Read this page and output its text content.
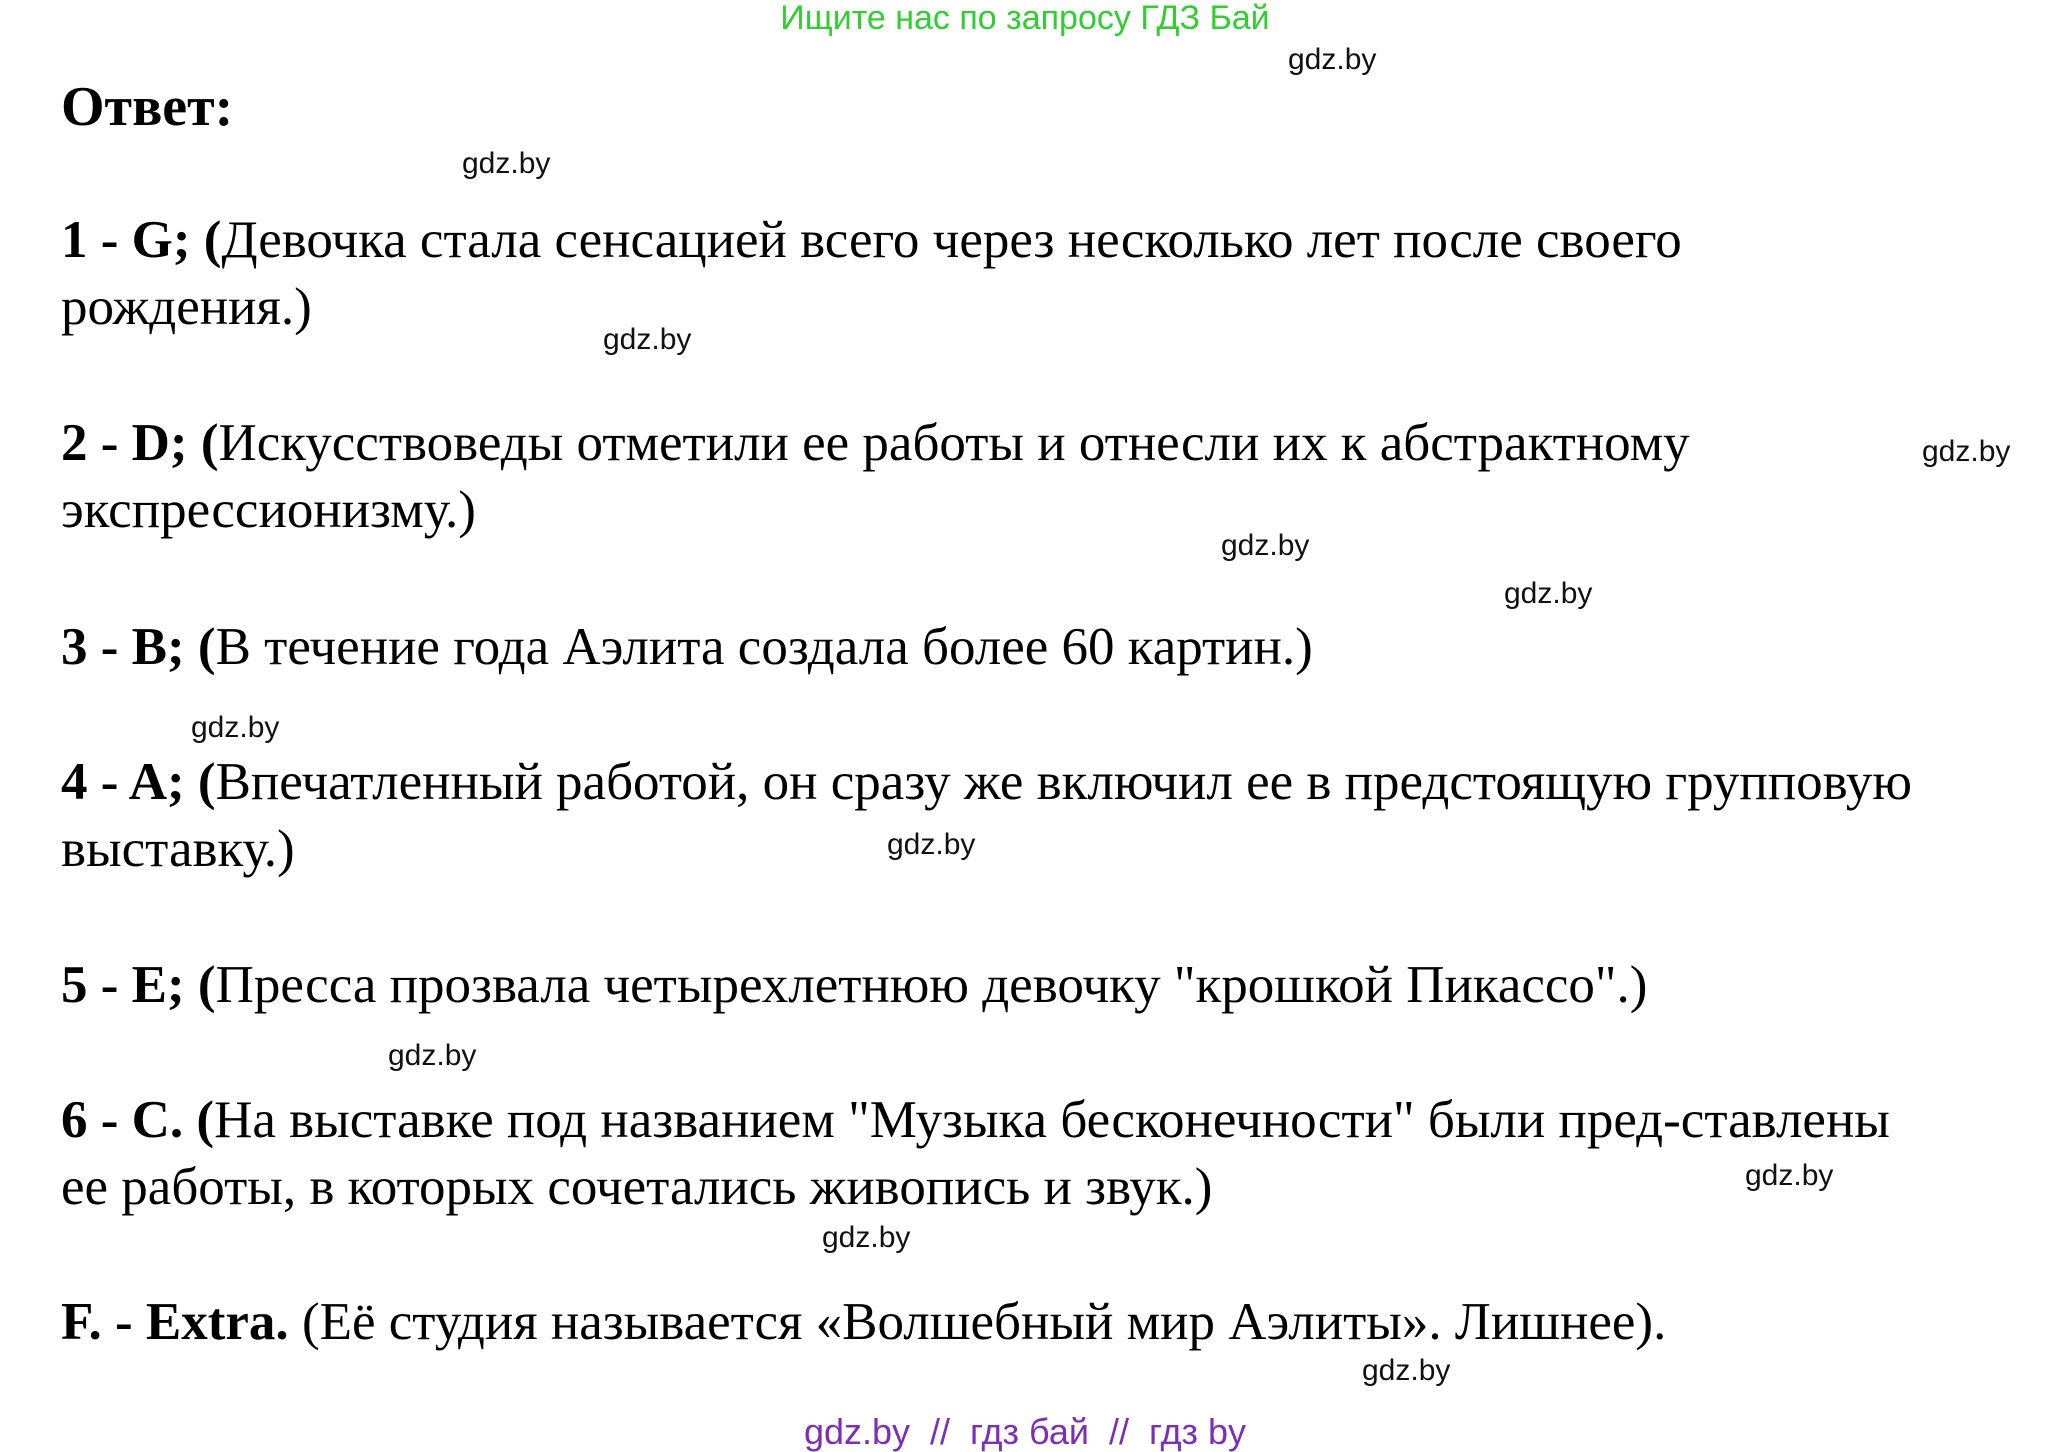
Ищите нас по запросу ГДЗ Бай
gdz.by
Ответ:
gdz.by

1 - G; (Девочка стала сенсацией всего через несколько лет после своего рождения.)

gdz.by

2 - D; (Искусствоведы отметили ее работы и отнесли их к абстрактному экспрессионизму.)

gdz.by
gdz.by
gdz.by

3 - B; (В течение года Аэлита создала более 60 картин.)

gdz.by

4 - A; (Впечатленный работой, он сразу же включил ее в предстоящую групповую выставку.)	gdz.by

5 - E; (Пресса прозвала четырехлетнюю девочку "крошкой Пикассо".)

gdz.by

6 - C. (На выставке под названием "Музыка бесконечности" были пред-ставлены ее работы, в которых сочетались живопись и звук.)	gdz.by
gdz.by

F. - Extra. (Её студия называется «Волшебный мир Аэлиты». Лишнее).

gdz.by
gdz.by  //  гдз бай  //  гдз by
